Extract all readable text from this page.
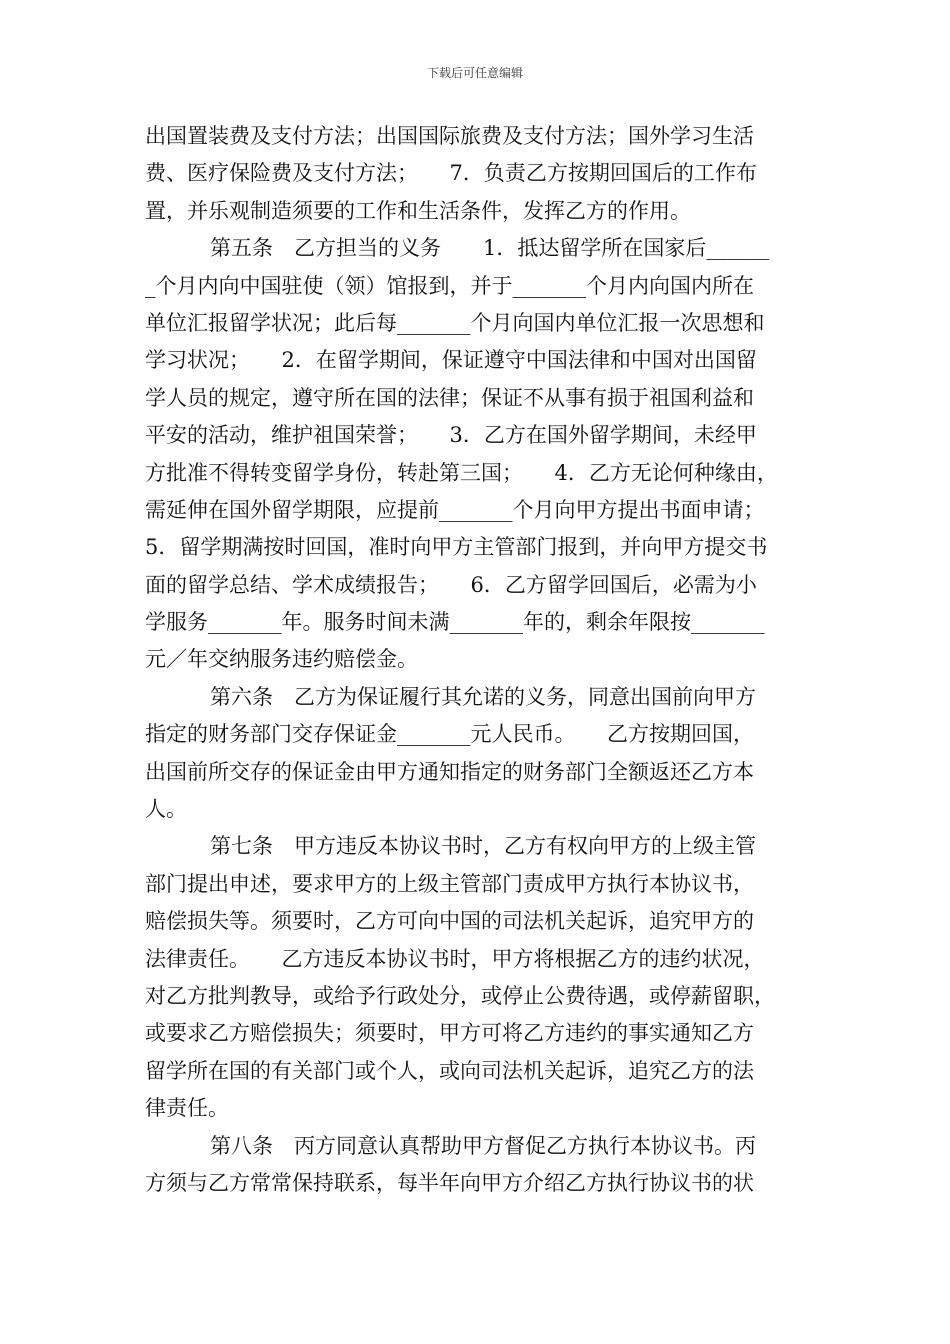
下载后可任意编辑
出国置装费及支付方法；出国国际旅费及支付方法；国外学习生活
费、医疗保险费及支付方法；　　7．负责乙方按期回国后的工作布
置，并乐观制造须要的工作和生活条件，发挥乙方的作用。
第五条　乙方担当的义务　　1．抵达留学所在国家后______
_个月内向中国驻使（领）馆报到，并于_______个月内向国内所在
单位汇报留学状况；此后每_______个月向国内单位汇报一次思想和
学习状况；　　2．在留学期间，保证遵守中国法律和中国对出国留
学人员的规定，遵守所在国的法律；保证不从事有损于祖国利益和
平安的活动，维护祖国荣誉；　　3．乙方在国外留学期间，未经甲
方批准不得转变留学身份，转赴第三国；　　4．乙方无论何种缘由，
需延伸在国外留学期限，应提前_______个月向甲方提出书面申请；
5．留学期满按时回国，准时向甲方主管部门报到，并向甲方提交书
面的留学总结、学术成绩报告；　　6．乙方留学回国后，必需为小
学服务_______年。服务时间未满_______年的，剩余年限按_______
元／年交纳服务违约赔偿金。
第六条　乙方为保证履行其允诺的义务，同意出国前向甲方
指定的财务部门交存保证金_______元人民币。　　乙方按期回国，
出国前所交存的保证金由甲方通知指定的财务部门全额返还乙方本
人。
第七条　甲方违反本协议书时，乙方有权向甲方的上级主管
部门提出申述，要求甲方的上级主管部门责成甲方执行本协议书，
赔偿损失等。须要时，乙方可向中国的司法机关起诉，追究甲方的
法律责任。　　乙方违反本协议书时，甲方将根据乙方的违约状况，
对乙方批判教导，或给予行政处分，或停止公费待遇，或停薪留职，
或要求乙方赔偿损失；须要时，甲方可将乙方违约的事实通知乙方
留学所在国的有关部门或个人，或向司法机关起诉，追究乙方的法
律责任。
第八条　丙方同意认真帮助甲方督促乙方执行本协议书。丙
方须与乙方常常保持联系，每半年向甲方介绍乙方执行协议书的状
